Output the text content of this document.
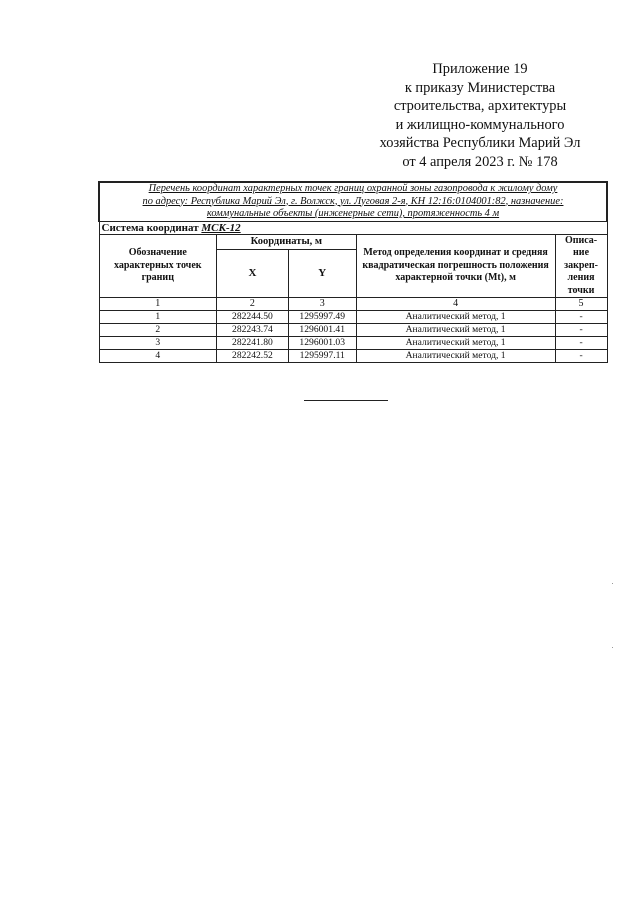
Приложение 19
к приказу Министерства
строительства, архитектуры
и жилищно-коммунального
хозяйства Республики Марий Эл
от 4 апреля 2023 г. № 178
Перечень координат характерных точек границ охранной зоны газопровода к жилому дому
по адресу: Республика Марий Эл, г. Волжск, ул. Луговая 2-я, КН 12:16:0104001:82, назначение:
коммунальные объекты (инженерные сети), протяженность 4 м				

Система координат МСК-12				
Обозначение характерных точек границ	Координаты, м		Метод определения координат и средняя квадратическая погрешность положения характерной точки (Mt), м	Описа-ние закреп-ления точки
	X	Y		
1	2	3	4	5
1	282244.50	1295997.49	Аналитический метод, 1	-
2	282243.74	1296001.41	Аналитический метод, 1	-
3	282241.80	1296001.03	Аналитический метод, 1	-
4	282242.52	1295997.11	Аналитический метод, 1	-
